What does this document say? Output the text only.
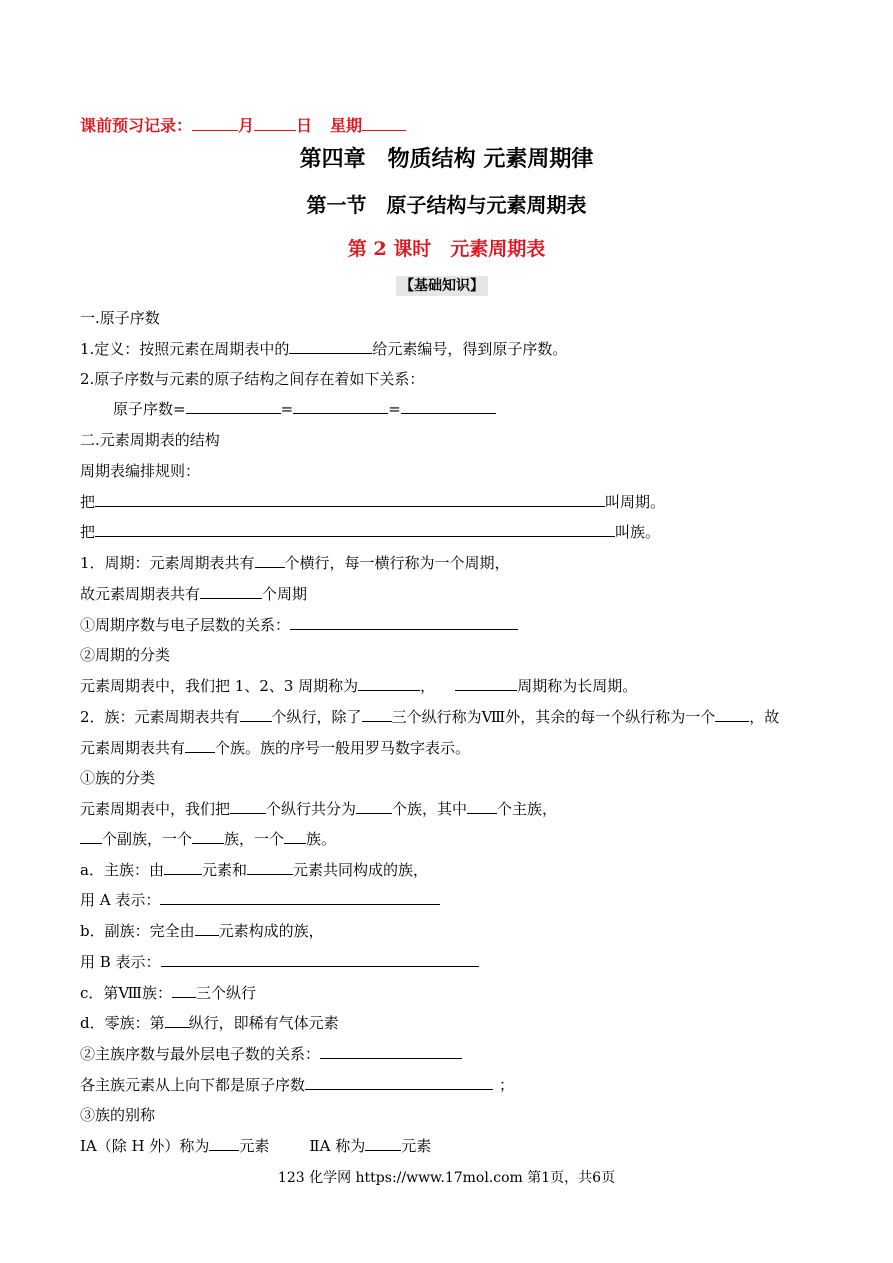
课前预习记录：	月	日 星期
第四章　物质结构 元素周期律
第一节　原子结构与元素周期表
第 2 课时　元素周期表
【基础知识】
一.原子序数
1.定义：按照元素在周期表中的	给元素编号，得到原子序数。
2.原子序数与元素的原子结构之间存在着如下关系：
原子序数=	=	=
二.元素周期表的结构
周期表编排规则：
把	叫周期。
把	叫族。
1．周期：元素周期表共有 个横行，每一横行称为一个周期，
故元素周期表共有	个周期
①周期序数与电子层数的关系：
②周期的分类
元素周期表中，我们把 1、2、3 周期称为	，	周期称为长周期。
2．族：元素周期表共有 个纵行，除了 三个纵行称为Ⅷ外，其余的每一个纵行称为一个 ，故
元素周期表共有 个族。族的序号一般用罗马数字表示。
①族的分类
元素周期表中，我们把 个纵行共分为 个族，其中 个主族，
个副族，一个 族，一个 族。
a．主族：由	元素和	元素共同构成的族，
用 A 表示：
b．副族：完全由 元素构成的族，
用 B 表示：
c．第Ⅷ族： 三个纵行
d．零族：第 纵行，即稀有气体元素
②主族序数与最外层电子数的关系：
各主族元素从上向下都是原子序数	；
③族的别称
ⅠA（除 H 外）称为 元素	ⅡA 称为 元素
123 化学网 https://www.17mol.com 第1页，共6页
